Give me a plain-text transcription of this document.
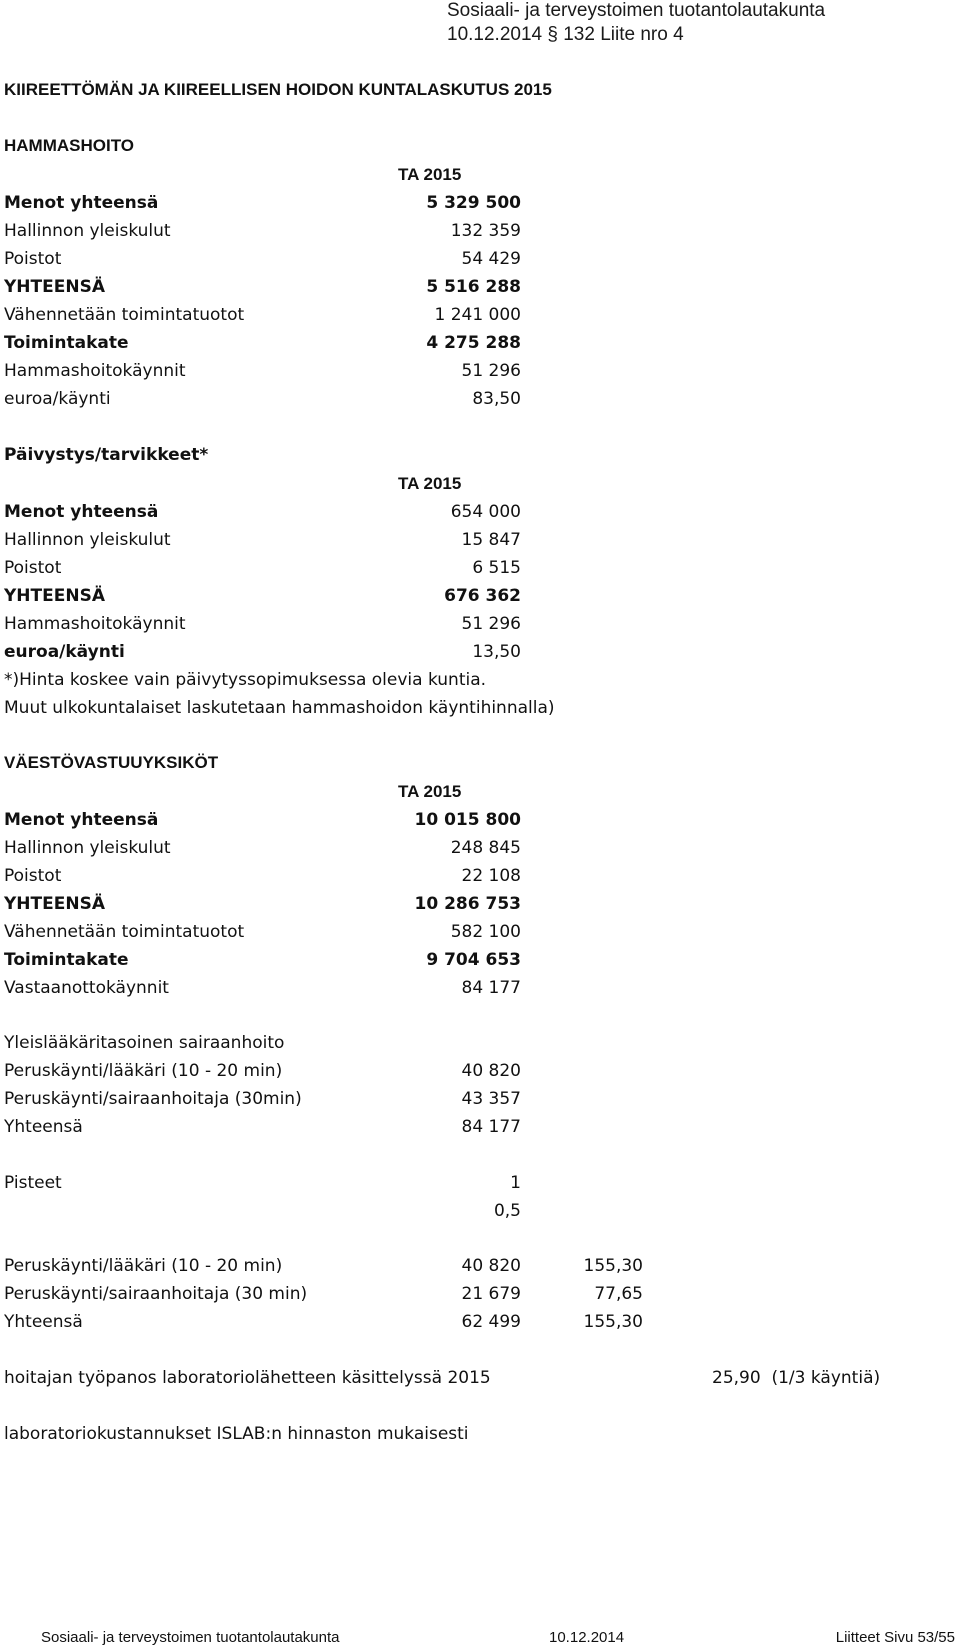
Sosiaali- ja terveystoimen tuotantolautakunta
10.12.2014 § 132 Liite nro 4
KIIREETTÖMÄN JA KIIREELLISEN HOIDON KUNTALASKUTUS 2015
HAMMASHOITO
TA 2015
Menot yhteensä	5 329 500
Hallinnon yleiskulut	132 359
Poistot	54 429
YHTEENSÄ	5 516 288
Vähennetään toimintatuotot	1 241 000
Toimintakate	4 275 288
Hammashoitokäynnit	51 296
euroa/käynti	83,50
Päivystys/tarvikkeet*
TA 2015
Menot yhteensä	654 000
Hallinnon yleiskulut	15 847
Poistot	6 515
YHTEENSÄ	676 362
Hammashoitokäynnit	51 296
euroa/käynti	13,50
*)Hinta koskee vain päivytyssopimuksessa olevia kuntia.
Muut ulkokuntalaiset laskutetaan hammashoidon käyntihinnalla)
VÄESTÖVASTUUYKSIKÖT
TA 2015
Menot yhteensä	10 015 800
Hallinnon yleiskulut	248 845
Poistot	22 108
YHTEENSÄ	10 286 753
Vähennetään toimintatuotot	582 100
Toimintakate	9 704 653
Vastaanottokäynnit	84 177
Yleislääkäritasoinen sairaanhoito
Peruskäynti/lääkäri (10 - 20 min)	40 820
Peruskäynti/sairaanhoitaja (30min)	43 357
Yhteensä	84 177
Pisteet	1
0,5
Peruskäynti/lääkäri (10 - 20 min)	40 820	155,30
Peruskäynti/sairaanhoitaja (30 min)	21 679	77,65
Yhteensä	62 499	155,30
hoitajan työpanos laboratoriolähetteen käsittelyssä 2015	25,90 (1/3 käyntiä)
laboratoriokustannukset ISLAB:n hinnaston mukaisesti
Sosiaali- ja terveystoimen tuotantolautakunta	10.12.2014	Liitteet Sivu 53/55
